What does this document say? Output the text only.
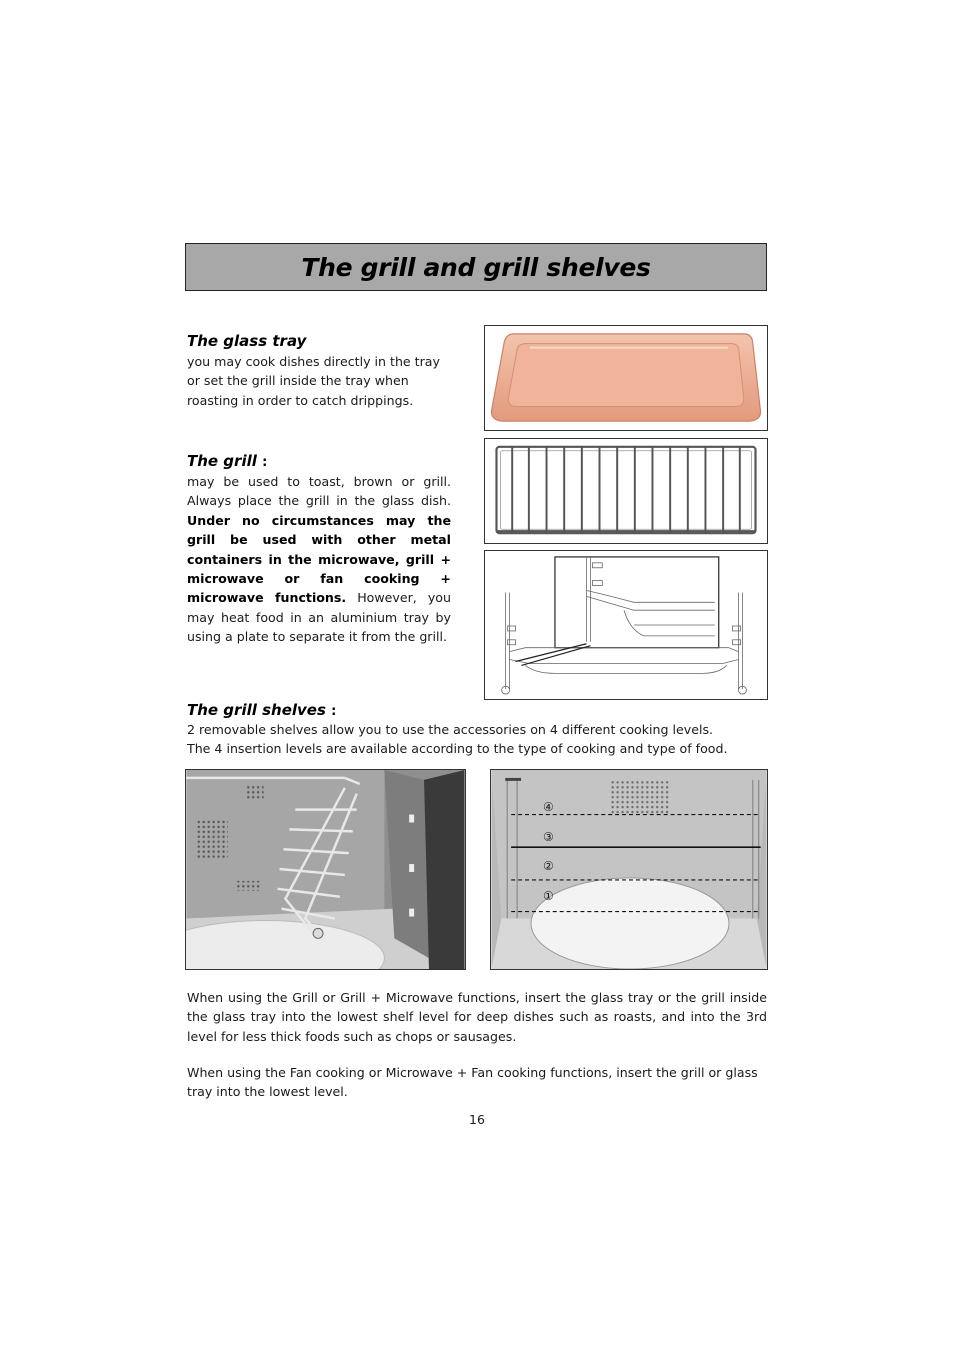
The grill and grill shelves
The glass tray

you may cook dishes directly in the tray or set the grill inside the tray when roasting in order to catch drippings.

The grill :
may be used to toast, brown or grill. Always place the grill in the glass dish. Under no circumstances may the grill be used with other metal containers in the microwave, grill + microwave or fan cooking + microwave functions. However, you may heat food in an aluminium tray by using a plate to separate it from the grill.
The grill shelves :

2 removable shelves allow you to use the accessories on 4 different cooking levels.

The 4 insertion levels are available according to the type of cooking and type of food.

④
③
②
①

When using the Grill or Grill + Microwave functions, insert the glass tray or the grill inside the glass tray into the lowest shelf level for deep dishes such as roasts, and into the 3rd level for less thick foods such as chops or sausages.

When using the Fan cooking or Microwave + Fan cooking functions, insert the grill or glass tray into the lowest level.

16
